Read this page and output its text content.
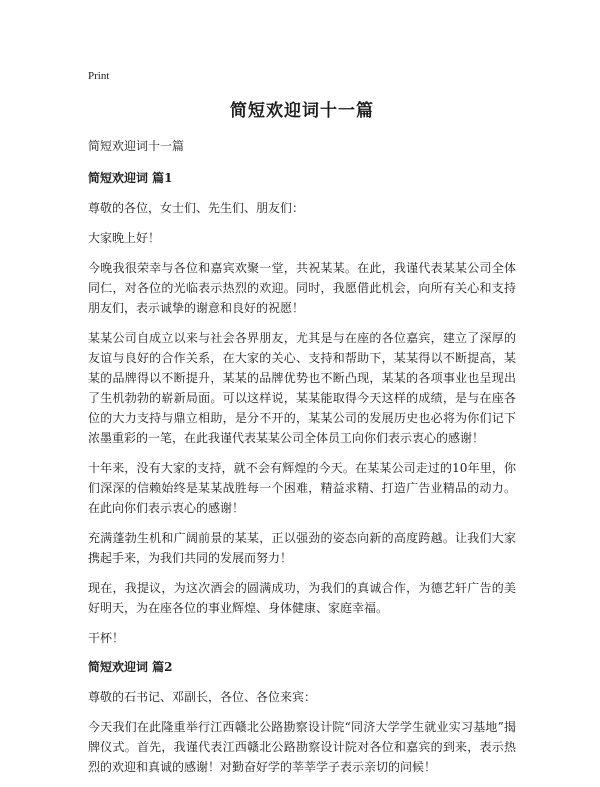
Print
简短欢迎词十一篇
简短欢迎词十一篇
简短欢迎词 篇1

尊敬的各位，女士们、先生们、朋友们：

大家晚上好！

今晚我很荣幸与各位和嘉宾欢聚一堂，共祝某某。在此，我谨代表某某公司全体同仁，对各位的光临表示热烈的欢迎。同时，我愿借此机会，向所有关心和支持朋友们，表示诚挚的谢意和良好的祝愿！

某某公司自成立以来与社会各界朋友，尤其是与在座的各位嘉宾，建立了深厚的友谊与良好的合作关系，在大家的关心、支持和帮助下，某某得以不断提高，某某的品牌得以不断提升，某某的品牌优势也不断凸现，某某的各项事业也呈现出了生机勃勃的崭新局面。可以这样说，某某能取得今天这样的成绩，是与在座各位的大力支持与鼎立相助，是分不开的，某某公司的发展历史也必将为你们记下浓墨重彩的一笔，在此我谨代表某某公司全体员工向你们表示衷心的感谢！

十年来，没有大家的支持，就不会有辉煌的今天。在某某公司走过的10年里，你们深深的信赖始终是某某战胜每一个困难，精益求精、打造广告业精品的动力。在此向你们表示衷心的感谢！

充满蓬勃生机和广阔前景的某某，正以强劲的姿态向新的高度跨越。让我们大家携起手来，为我们共同的发展而努力！

现在，我提议，为这次酒会的圆满成功，为我们的真诚合作，为德艺轩广告的美好明天，为在座各位的事业辉煌、身体健康、家庭幸福。

干杯！

简短欢迎词 篇2

尊敬的石书记、邓副长，各位、各位来宾：

今天我们在此隆重举行江西赣北公路勘察设计院“同济大学学生就业实习基地”揭牌仪式。首先，我谨代表江西赣北公路勘察设计院对各位和嘉宾的到来，表示热烈的欢迎和真诚的感谢！对勤奋好学的莘莘学子表示亲切的问候！
